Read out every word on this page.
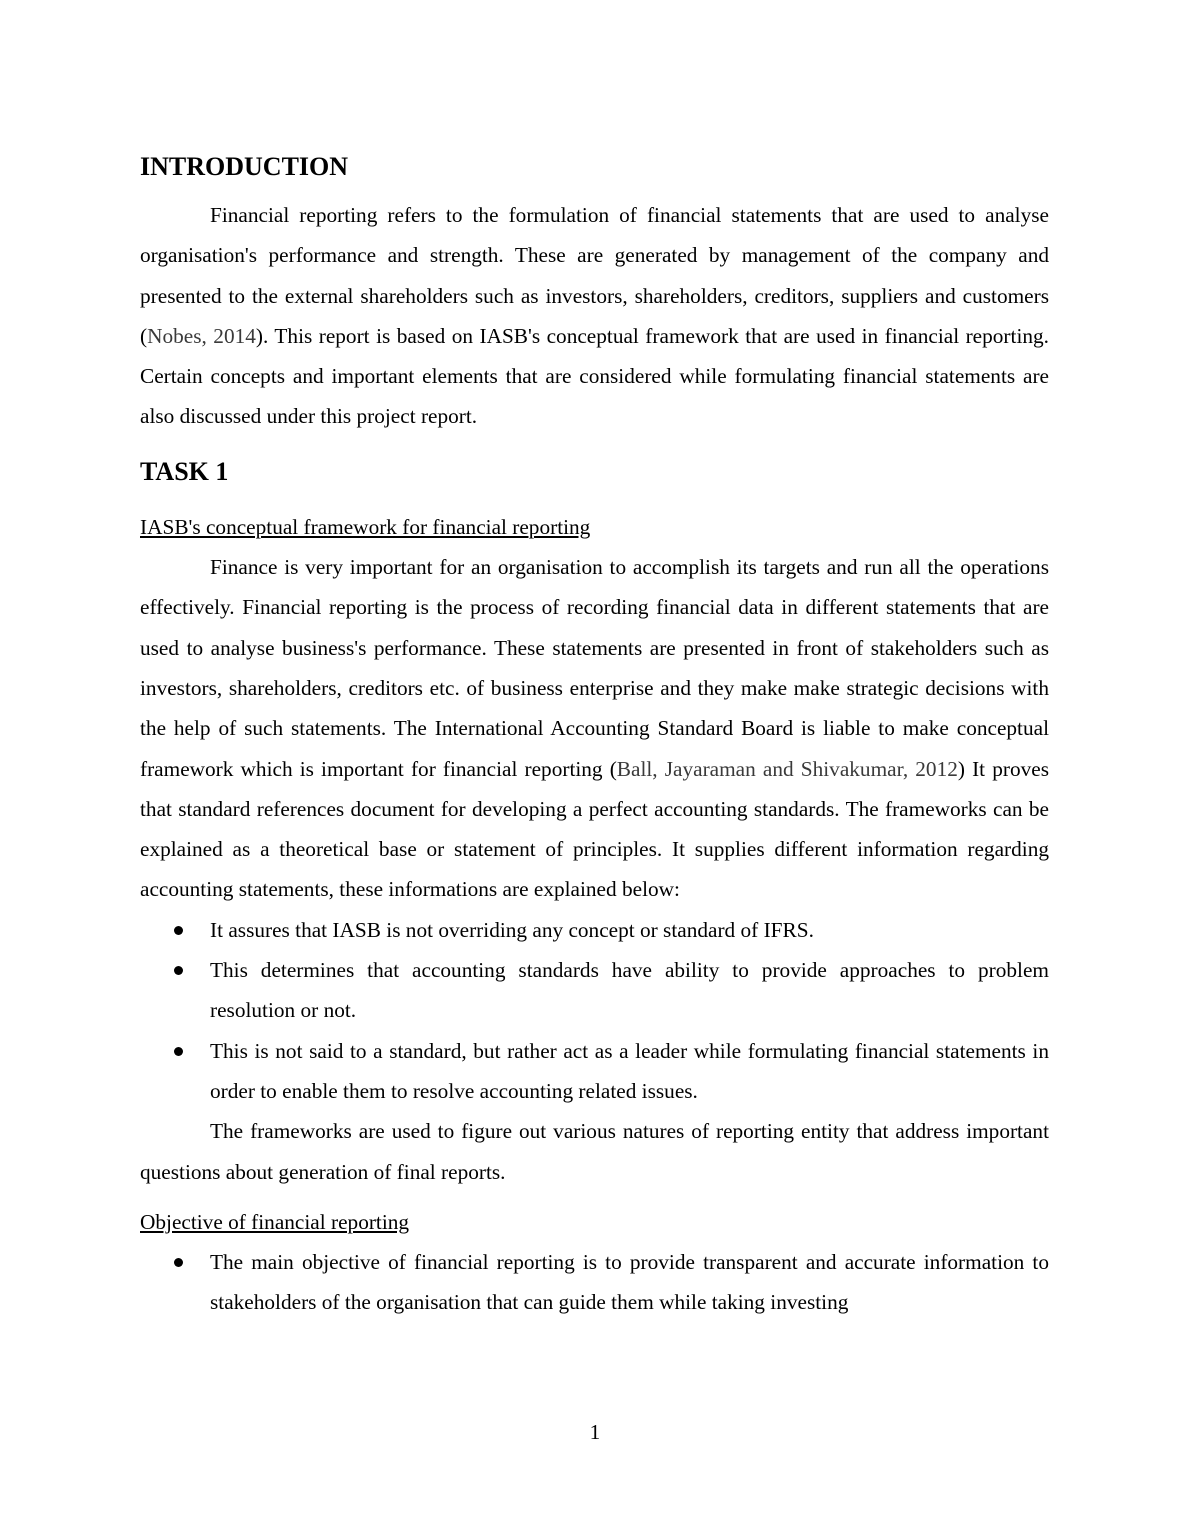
INTRODUCTION

Financial reporting refers to the formulation of financial statements that are used to analyse organisation's performance and strength. These are generated by management of the company and presented to the external shareholders such as investors, shareholders, creditors, suppliers and customers (Nobes, 2014). This report is based on IASB's conceptual framework that are used in financial reporting. Certain concepts and important elements that are considered while formulating financial statements are also discussed under this project report.

TASK 1

IASB's conceptual framework for financial reporting

Finance is very important for an organisation to accomplish its targets and run all the operations effectively. Financial reporting is the process of recording financial data in different statements that are used to analyse business's performance. These statements are presented in front of stakeholders such as investors, shareholders, creditors etc. of business enterprise and they make make strategic decisions with the help of such statements. The International Accounting Standard Board is liable to make conceptual framework which is important for financial reporting (Ball, Jayaraman and Shivakumar, 2012) It proves that standard references document for developing a perfect accounting standards. The frameworks can be explained as a theoretical base or statement of principles. It supplies different information regarding accounting statements, these informations are explained below:

It assures that IASB is not overriding any concept or standard of IFRS.
This determines that accounting standards have ability to provide approaches to problem resolution or not.
This is not said to a standard, but rather act as a leader while formulating financial statements in order to enable them to resolve accounting related issues.

The frameworks are used to figure out various natures of reporting entity that address important questions about generation of final reports.

Objective of financial reporting

The main objective of financial reporting is to provide transparent and accurate information to stakeholders of the organisation that can guide them while taking investing
1
